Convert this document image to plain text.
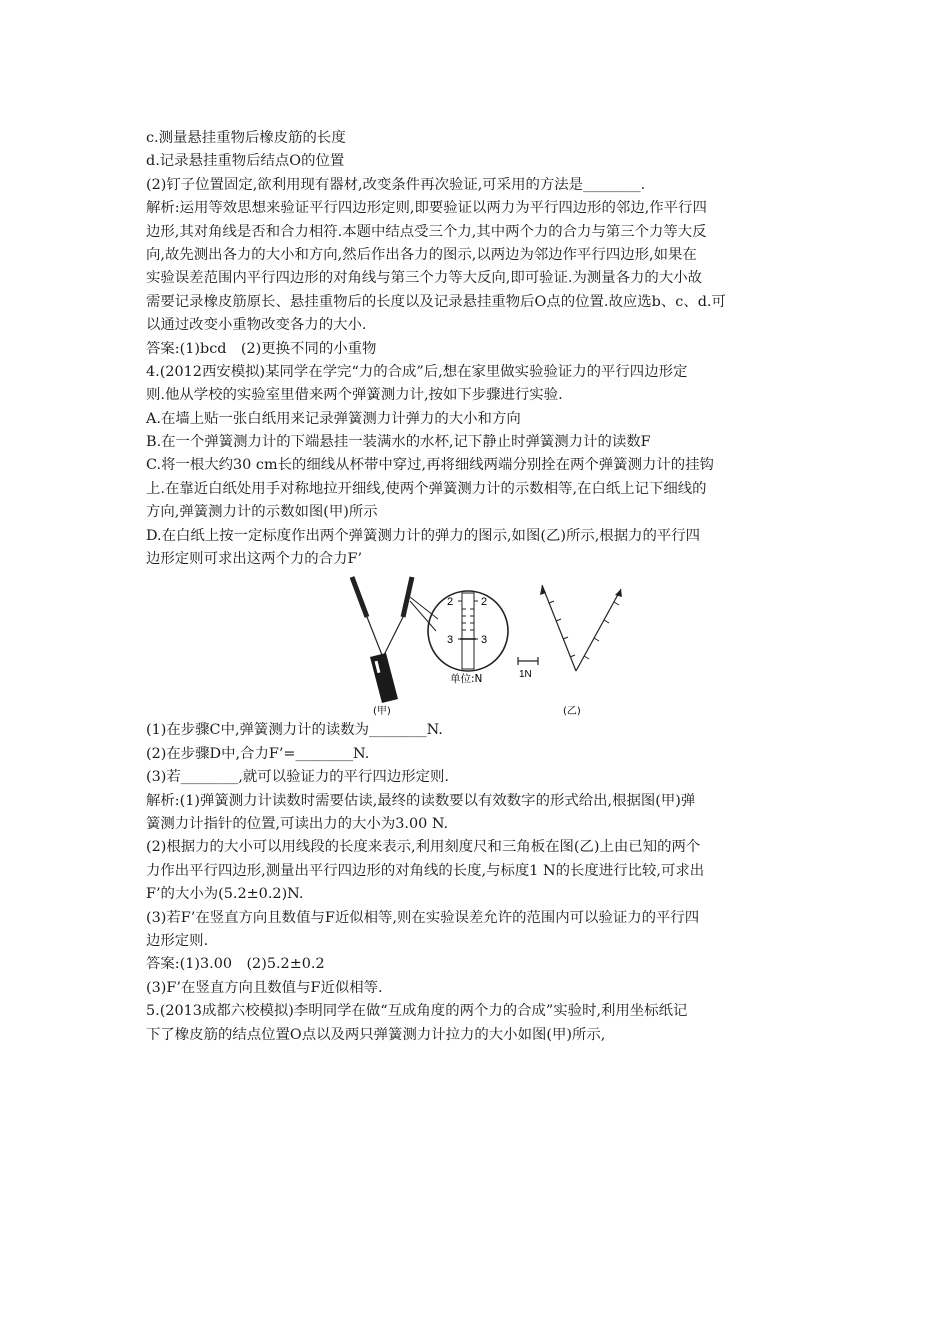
c.测量悬挂重物后橡皮筋的长度
d.记录悬挂重物后结点O的位置
(2)钉子位置固定,欲利用现有器材,改变条件再次验证,可采用的方法是________.
解析:运用等效思想来验证平行四边形定则,即要验证以两力为平行四边形的邻边,作平行四
边形,其对角线是否和合力相符.本题中结点受三个力,其中两个力的合力与第三个力等大反
向,故先测出各力的大小和方向,然后作出各力的图示,以两边为邻边作平行四边形,如果在
实验误差范围内平行四边形的对角线与第三个力等大反向,即可验证.为测量各力的大小故
需要记录橡皮筋原长、悬挂重物后的长度以及记录悬挂重物后O点的位置.故应选b、c、d.可
以通过改变小重物改变各力的大小.
答案:(1)bcd　(2)更换不同的小重物
4.(2012西安模拟)某同学在学完“力的合成”后,想在家里做实验验证力的平行四边形定
则.他从学校的实验室里借来两个弹簧测力计,按如下步骤进行实验.
A.在墙上贴一张白纸用来记录弹簧测力计弹力的大小和方向
B.在一个弹簧测力计的下端悬挂一装满水的水杯,记下静止时弹簧测力计的读数F
C.将一根大约30 cm长的细线从杯带中穿过,再将细线两端分别拴在两个弹簧测力计的挂钩
上.在靠近白纸处用手对称地拉开细线,使两个弹簧测力计的示数相等,在白纸上记下细线的
方向,弹簧测力计的示数如图(甲)所示
D.在白纸上按一定标度作出两个弹簧测力计的弹力的图示,如图(乙)所示,根据力的平行四
边形定则可求出这两个力的合力F’
2	2
3	3
单位:N	1N
(甲)	(乙)
(1)在步骤C中,弹簧测力计的读数为________N.
(2)在步骤D中,合力F’=________N.
(3)若________,就可以验证力的平行四边形定则.
解析:(1)弹簧测力计读数时需要估读,最终的读数要以有效数字的形式给出,根据图(甲)弹
簧测力计指针的位置,可读出力的大小为3.00 N.
(2)根据力的大小可以用线段的长度来表示,利用刻度尺和三角板在图(乙)上由已知的两个
力作出平行四边形,测量出平行四边形的对角线的长度,与标度1 N的长度进行比较,可求出
F’的大小为(5.2±0.2)N.
(3)若F’在竖直方向且数值与F近似相等,则在实验误差允许的范围内可以验证力的平行四
边形定则.
答案:(1)3.00　(2)5.2±0.2
(3)F’在竖直方向且数值与F近似相等.
5.(2013成都六校模拟)李明同学在做“互成角度的两个力的合成”实验时,利用坐标纸记
下了橡皮筋的结点位置O点以及两只弹簧测力计拉力的大小如图(甲)所示,
